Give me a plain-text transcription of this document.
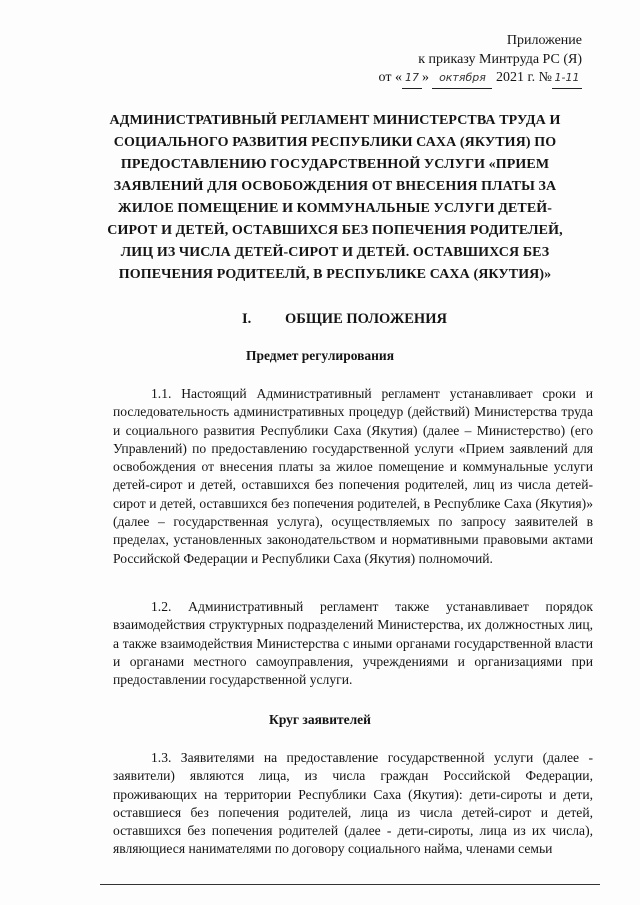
Приложение
к приказу Минтруда РС (Я)
от « 17 » октября 2021 г. № 1-11
АДМИНИСТРАТИВНЫЙ РЕГЛАМЕНТ МИНИСТЕРСТВА ТРУДА И СОЦИАЛЬНОГО РАЗВИТИЯ РЕСПУБЛИКИ САХА (ЯКУТИЯ) ПО ПРЕДОСТАВЛЕНИЮ ГОСУДАРСТВЕННОЙ УСЛУГИ «ПРИЕМ ЗАЯВЛЕНИЙ ДЛЯ ОСВОБОЖДЕНИЯ ОТ ВНЕСЕНИЯ ПЛАТЫ ЗА ЖИЛОЕ ПОМЕЩЕНИЕ И КОММУНАЛЬНЫЕ УСЛУГИ ДЕТЕЙ-СИРОТ И ДЕТЕЙ, ОСТАВШИХСЯ БЕЗ ПОПЕЧЕНИЯ РОДИТЕЛЕЙ, ЛИЦ ИЗ ЧИСЛА ДЕТЕЙ-СИРОТ И ДЕТЕЙ. ОСТАВШИХСЯ БЕЗ ПОПЕЧЕНИЯ РОДИТЕЕЛЙ, В РЕСПУБЛИКЕ САХА (ЯКУТИЯ)»
I. ОБЩИЕ ПОЛОЖЕНИЯ
Предмет регулирования
1.1. Настоящий Административный регламент устанавливает сроки и последовательность административных процедур (действий) Министерства труда и социального развития Республики Саха (Якутия) (далее – Министерство) (его Управлений) по предоставлению государственной услуги «Прием заявлений для освобождения от внесения платы за жилое помещение и коммунальные услуги детей-сирот и детей, оставшихся без попечения родителей, лиц из числа детей-сирот и детей, оставшихся без попечения родителей, в Республике Саха (Якутия)» (далее – государственная услуга), осуществляемых по запросу заявителей в пределах, установленных законодательством и нормативными правовыми актами Российской Федерации и Республики Саха (Якутия) полномочий.
1.2. Административный регламент также устанавливает порядок взаимодействия структурных подразделений Министерства, их должностных лиц, а также взаимодействия Министерства с иными органами государственной власти и органами местного самоуправления, учреждениями и организациями при предоставлении государственной услуги.
Круг заявителей
1.3. Заявителями на предоставление государственной услуги (далее - заявители) являются лица, из числа граждан Российской Федерации, проживающих на территории Республики Саха (Якутия): дети-сироты и дети, оставшиеся без попечения родителей, лица из числа детей-сирот и детей, оставшихся без попечения родителей (далее - дети-сироты, лица из их числа), являющиеся нанимателями по договору социального найма, членами семьи
